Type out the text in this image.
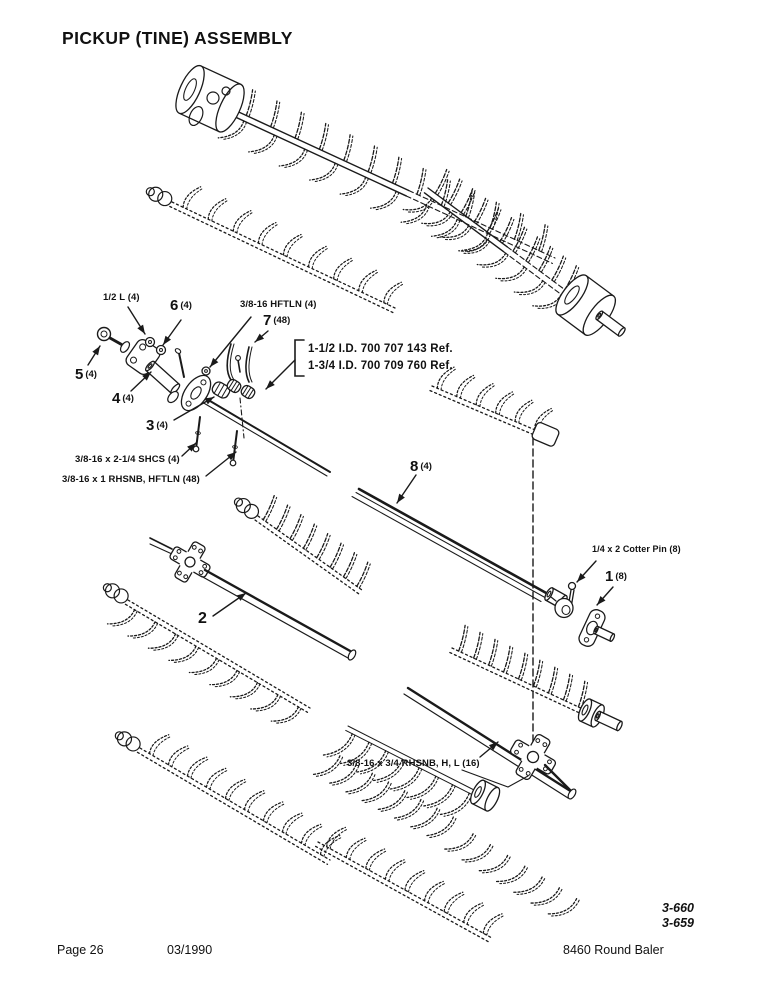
PICKUP (TINE) ASSEMBLY
1/2 L (4) 6 (4)	3/8-16 HFTLN (4)
7 (48)
1-1/2 I.D. 700 707 143 Ref.
1-3/4 I.D. 700 709 760 Ref.
5 (4)
4 (4)
3 (4)
3/8-16 x 2-1/4 SHCS (4)
3/8-16 x 1 RHSNB, HFTLN (48)
8 (4)
1/4 x 2 Cotter Pin (8)
1 (8)
2
3/8-16 x 3/4 RHSNB, H, L (16)
3-660
3-659
Page 26	03/1990	8460 Round Baler
